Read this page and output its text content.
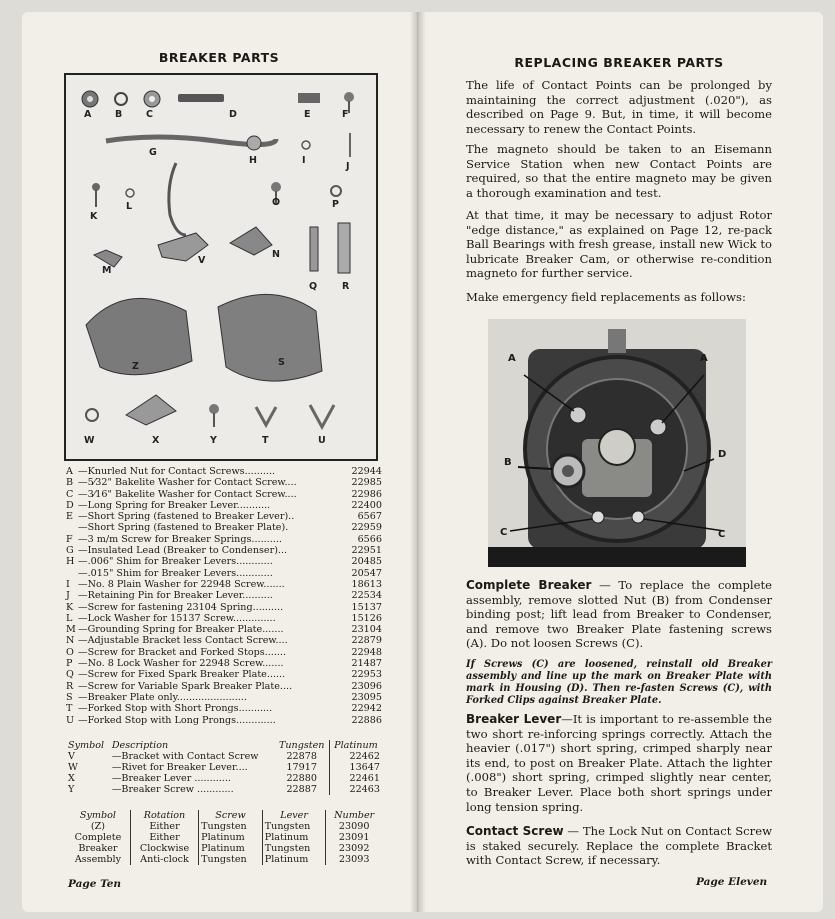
BREAKER PARTS
A B	C	D	E	F
G
H	I
J
K
L	O	P
M
V
N
Q	R
Z	S
W	X	Y	T	U
A —Knurled Nut for Contact Screws..........	22944
B —5⁄32" Bakelite Washer for Contact Screw....	22985
C —3⁄16" Bakelite Washer for Contact Screw....	22986
D —Long Spring for Breaker Lever...........	22400
E —Short Spring (fastened to Breaker Lever)..	6567
—Short Spring (fastened to Breaker Plate).	22959
F —3 m/m Screw for Breaker Springs..........	6566
G —Insulated Lead (Breaker to Condenser)...	22951
H —.006" Shim for Breaker Levers............	20485
—.015" Shim for Breaker Levers............	20547
I —No. 8 Plain Washer for 22948 Screw.......	18613
J —Retaining Pin for Breaker Lever..........	22534
K —Screw for fastening 23104 Spring..........	15137
L —Lock Washer for 15137 Screw..............	15126
M —Grounding Spring for Breaker Plate.......	23104
N —Adjustable Bracket less Contact Screw....	22879
O —Screw for Bracket and Forked Stops.......	22948
P —No. 8 Lock Washer for 22948 Screw.......	21487
Q —Screw for Fixed Spark Breaker Plate......	22953
R —Screw for Variable Spark Breaker Plate....	23096
S —Breaker Plate only.......................	23095
T —Forked Stop with Short Prongs...........	22942
U —Forked Stop with Long Prongs.............	22886
Symbol	Description	Tungsten	Platinum
V	—Bracket with Contact Screw	22878	22462
W	—Rivet for Breaker Lever....	17917	13647
X	—Breaker Lever ............	22880	22461
Y	—Breaker Screw ............	22887	22463
Symbol	Rotation	Screw	Lever	Number
(Z)	Either	Tungsten	Tungsten	23090
Complete	Either	Platinum	Platinum	23091
Breaker	Clockwise	Platinum	Tungsten	23092
Assembly	Anti-clock	Tungsten	Platinum	23093
Page Ten
REPLACING BREAKER PARTS
The life of Contact Points can be prolonged by maintaining the correct adjustment (.020"), as described on Page 9. But, in time, it will become necessary to renew the Contact Points.
The magneto should be taken to an Eisemann Service Station when new Contact Points are required, so that the entire magneto may be given a thorough examination and test.
At that time, it may be necessary to adjust Rotor "edge distance," as explained on Page 12, re-pack Ball Bearings with fresh grease, install new Wick to lubricate Breaker Cam, or otherwise re-condition magneto for further service.
Make emergency field replacements as follows:
A	A
B
D
C	C
Complete Breaker — To replace the complete assembly, remove slotted Nut (B) from Condenser binding post; lift lead from Breaker to Condenser, and remove two Breaker Plate fastening screws (A). Do not loosen Screws (C).
If Screws (C) are loosened, reinstall old Breaker assembly and line up the mark on Breaker Plate with mark in Housing (D). Then re-fasten Screws (C), with Forked Clips against Breaker Plate.
Breaker Lever—It is important to re-assemble the two short re-inforcing springs correctly. Attach the heavier (.017") short spring, crimped sharply near its end, to post on Breaker Plate. Attach the lighter (.008") short spring, crimped slightly near center, to Breaker Lever. Place both short springs under long tension spring.
Contact Screw — The Lock Nut on Contact Screw is staked securely. Replace the complete Bracket with Contact Screw, if necessary.
Page Eleven
